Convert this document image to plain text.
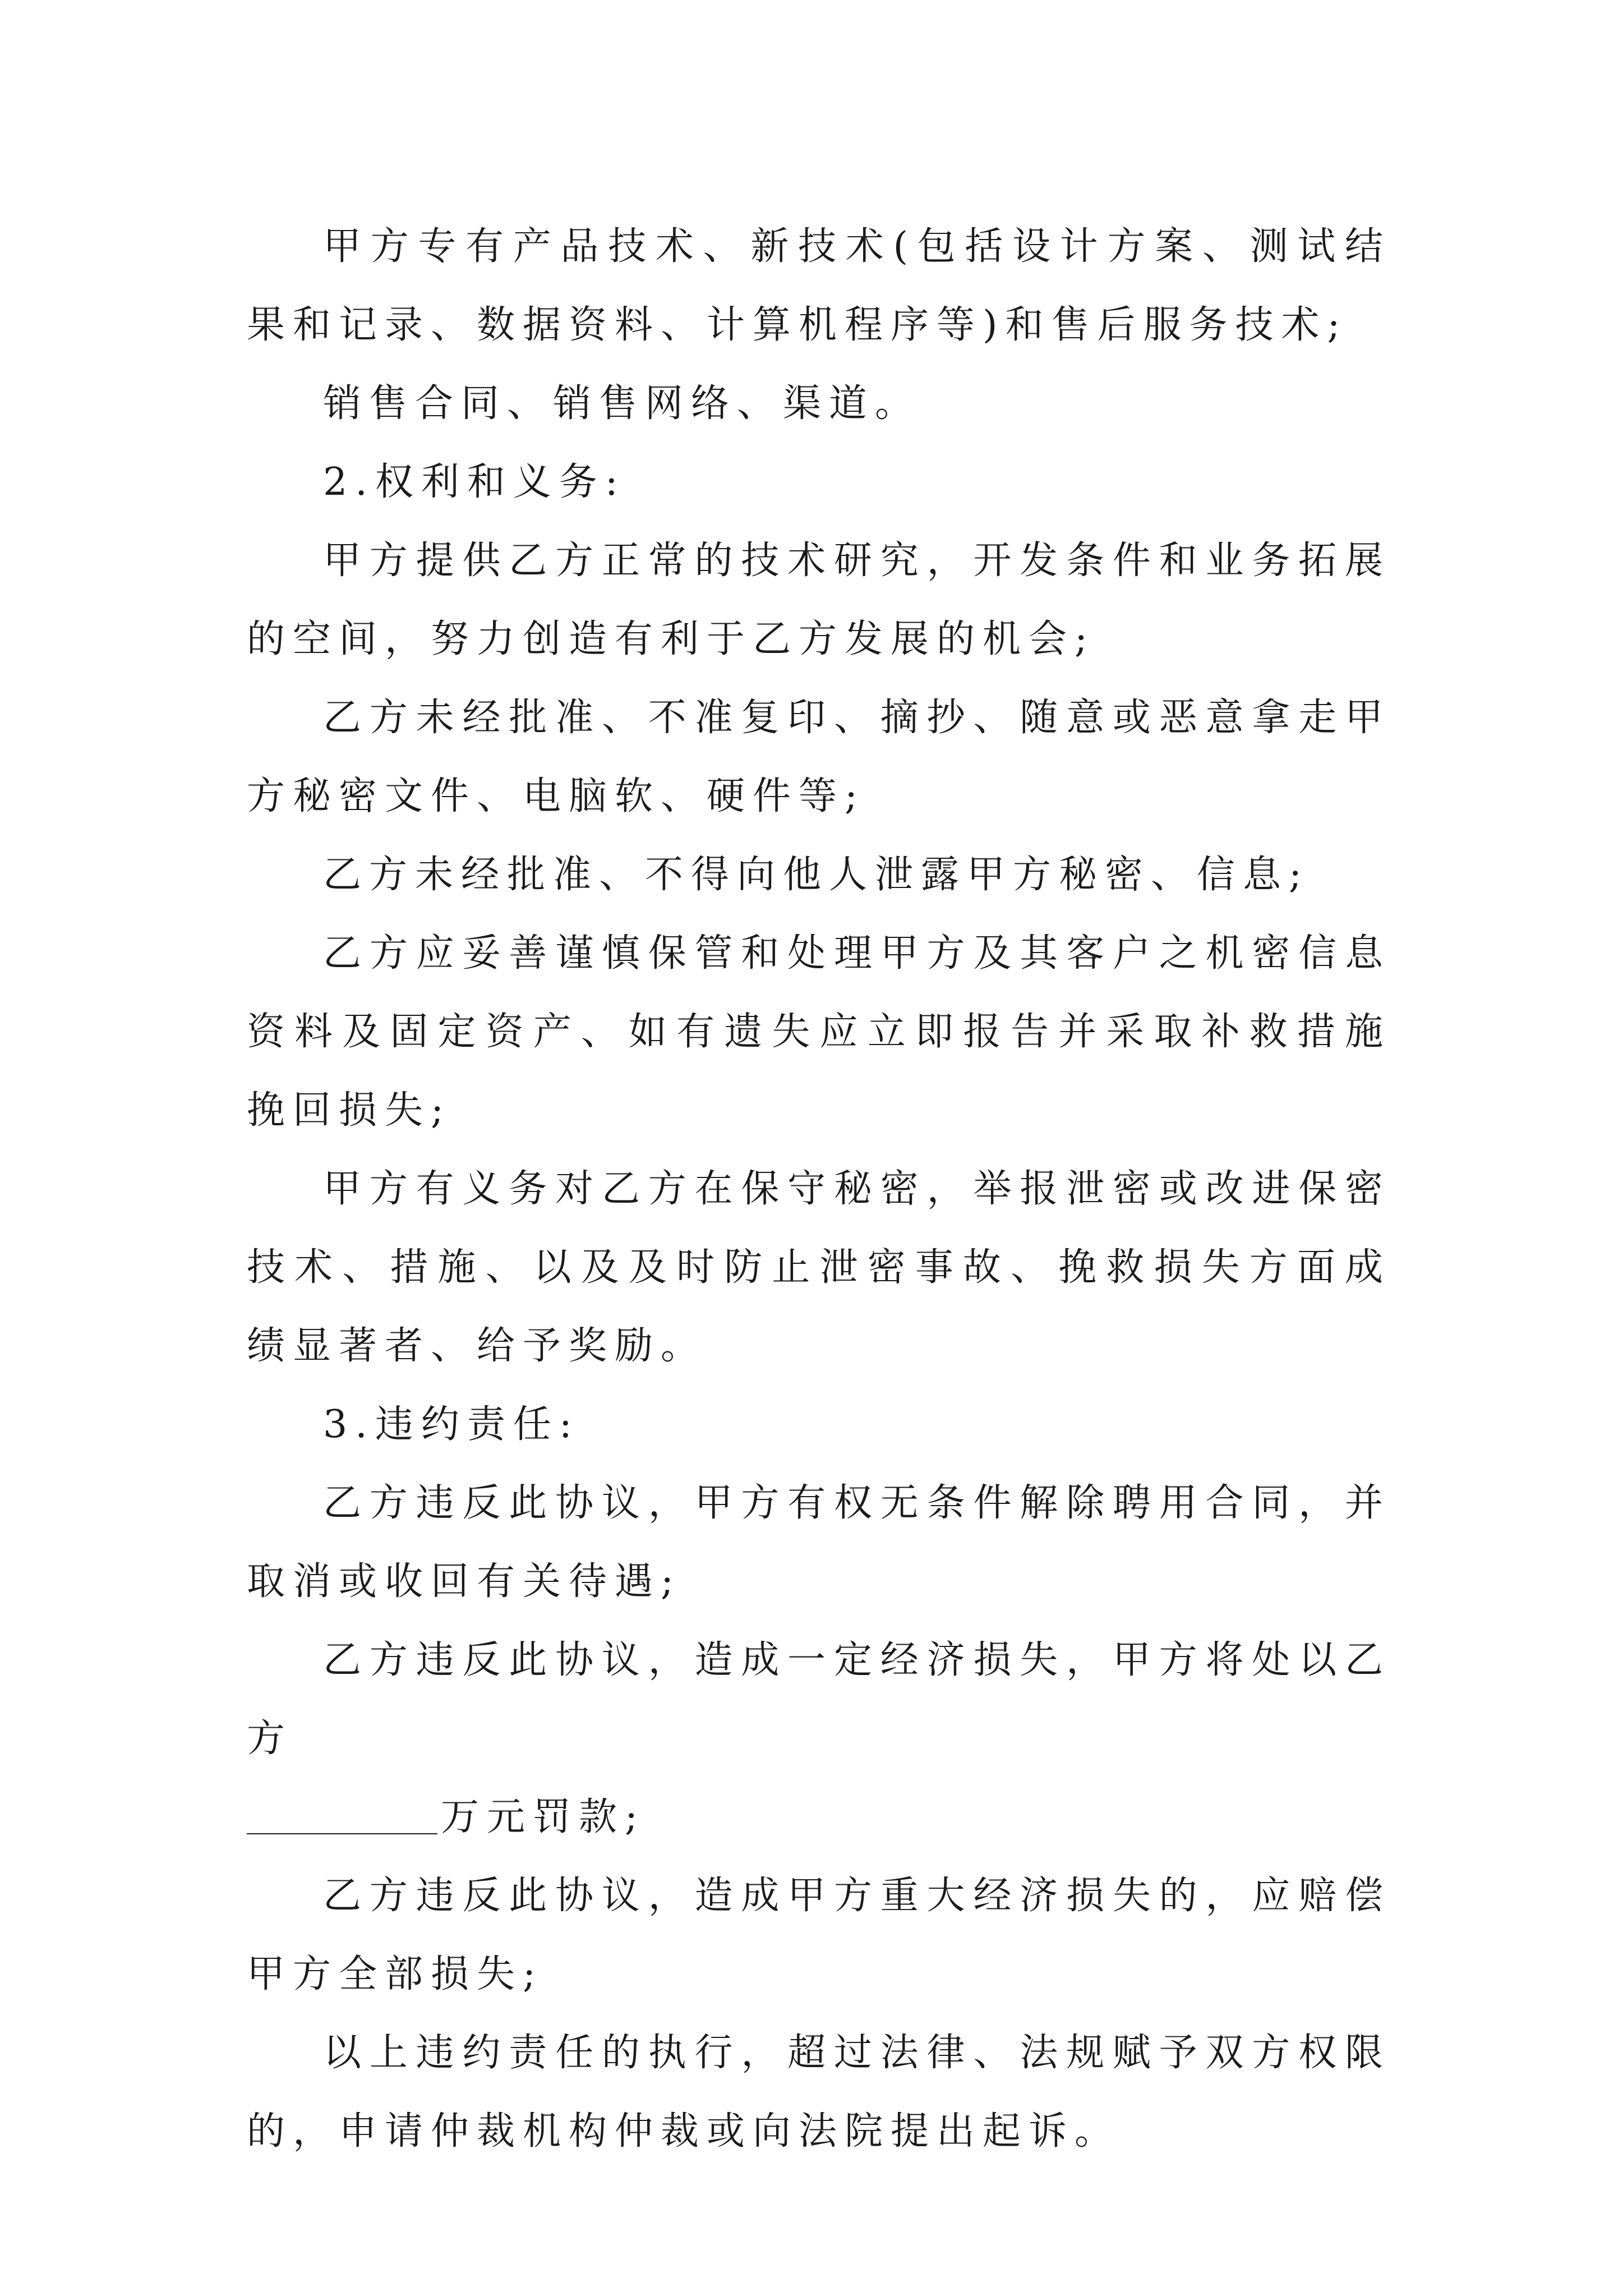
甲方专有产品技术、新技术(包括设计方案、测试结果和记录、数据资料、计算机程序等)和售后服务技术;

销售合同、销售网络、渠道。

2.权利和义务:

甲方提供乙方正常的技术研究，开发条件和业务拓展的空间，努力创造有利于乙方发展的机会;

乙方未经批准、不准复印、摘抄、随意或恶意拿走甲方秘密文件、电脑软、硬件等;

乙方未经批准、不得向他人泄露甲方秘密、信息;

乙方应妥善谨慎保管和处理甲方及其客户之机密信息资料及固定资产、如有遗失应立即报告并采取补救措施挽回损失;

甲方有义务对乙方在保守秘密，举报泄密或改进保密技术、措施、以及及时防止泄密事故、挽救损失方面成绩显著者、给予奖励。

3.违约责任:

乙方违反此协议，甲方有权无条件解除聘用合同，并取消或收回有关待遇;

乙方违反此协议，造成一定经济损失，甲方将处以乙方

万元罚款;

乙方违反此协议，造成甲方重大经济损失的，应赔偿甲方全部损失;

以上违约责任的执行，超过法律、法规赋予双方权限的，申请仲裁机构仲裁或向法院提出起诉。
